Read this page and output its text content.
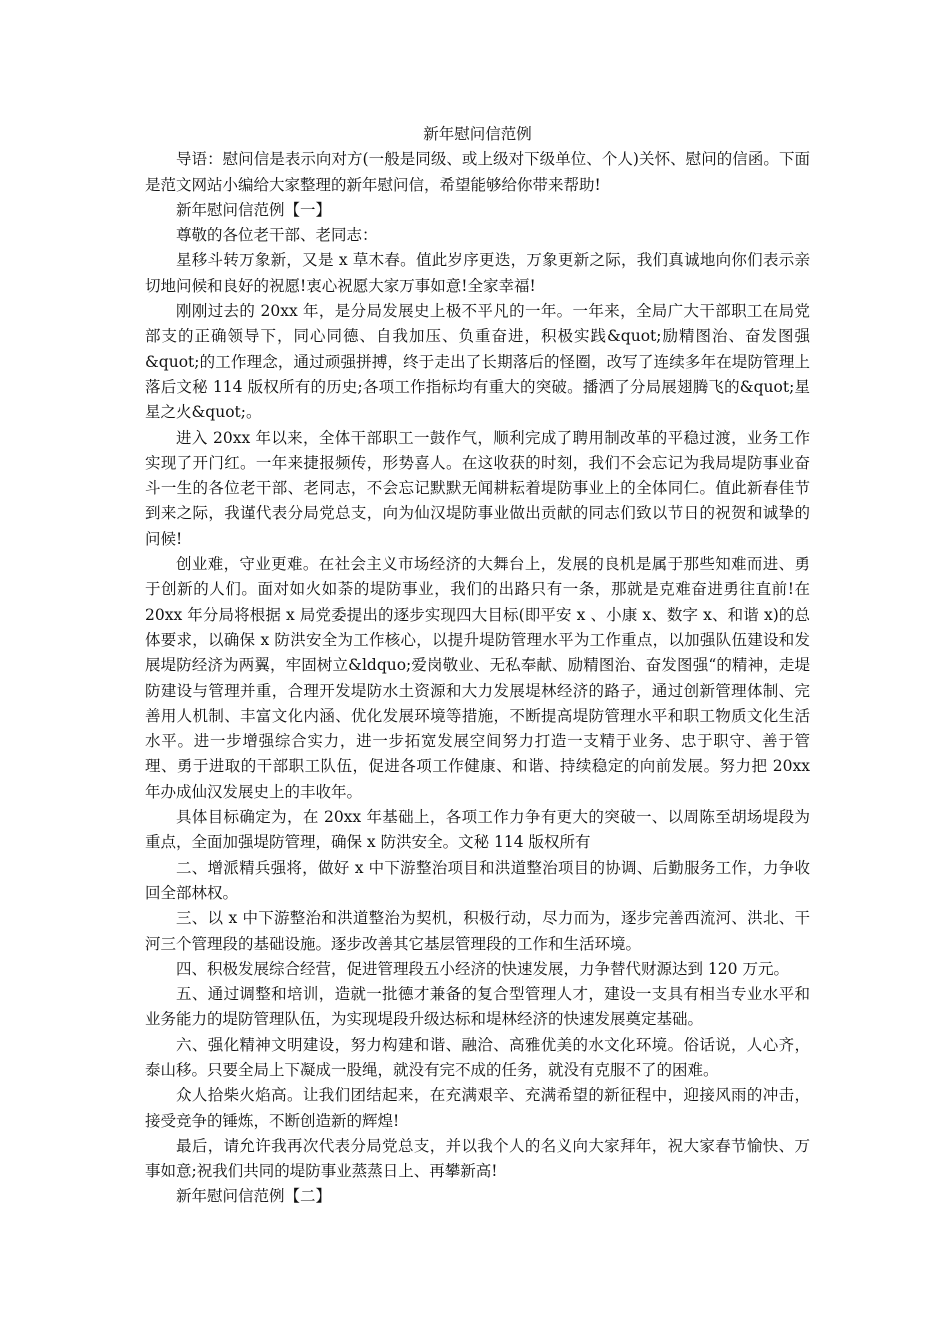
新年慰问信范例

导语：慰问信是表示向对方(一般是同级、或上级对下级单位、个人)关怀、慰问的信函。下面是范文网站小编给大家整理的新年慰问信，希望能够给你带来帮助!

新年慰问信范例【一】

尊敬的各位老干部、老同志：

星移斗转万象新，又是 x 草木春。值此岁序更迭，万象更新之际，我们真诚地向你们表示亲切地问候和良好的祝愿!衷心祝愿大家万事如意!全家幸福!

刚刚过去的 20xx 年，是分局发展史上极不平凡的一年。一年来，全局广大干部职工在局党部支的正确领导下，同心同德、自我加压、负重奋进，积极实践&quot;励精图治、奋发图强&quot;的工作理念，通过顽强拼搏，终于走出了长期落后的怪圈，改写了连续多年在堤防管理上落后文秘 114 版权所有的历史;各项工作指标均有重大的突破。播洒了分局展翅腾飞的&quot;星星之火&quot;。

进入 20xx 年以来，全体干部职工一鼓作气，顺利完成了聘用制改革的平稳过渡，业务工作实现了开门红。一年来捷报频传，形势喜人。在这收获的时刻，我们不会忘记为我局堤防事业奋斗一生的各位老干部、老同志，不会忘记默默无闻耕耘着堤防事业上的全体同仁。值此新春佳节到来之际，我谨代表分局党总支，向为仙汉堤防事业做出贡献的同志们致以节日的祝贺和诚挚的问候!

创业难，守业更难。在社会主义市场经济的大舞台上，发展的良机是属于那些知难而进、勇于创新的人们。面对如火如荼的堤防事业，我们的出路只有一条，那就是克难奋进勇往直前!在 20xx 年分局将根据 x 局党委提出的逐步实现四大目标(即平安 x 、小康 x、数字 x、和谐 x)的总体要求，以确保 x 防洪安全为工作核心，以提升堤防管理水平为工作重点，以加强队伍建设和发展堤防经济为两翼，牢固树立&ldquo;爱岗敬业、无私奉献、励精图治、奋发图强“的精神，走堤防建设与管理并重，合理开发堤防水土资源和大力发展堤林经济的路子，通过创新管理体制、完善用人机制、丰富文化内涵、优化发展环境等措施，不断提高堤防管理水平和职工物质文化生活水平。进一步增强综合实力，进一步拓宽发展空间努力打造一支精于业务、忠于职守、善于管理、勇于进取的干部职工队伍，促进各项工作健康、和谐、持续稳定的向前发展。努力把 20xx 年办成仙汉发展史上的丰收年。

具体目标确定为，在 20xx 年基础上，各项工作力争有更大的突破一、以周陈至胡场堤段为重点，全面加强堤防管理，确保 x 防洪安全。文秘 114 版权所有

二、增派精兵强将，做好 x 中下游整治项目和洪道整治项目的协调、后勤服务工作，力争收回全部林权。

三、以 x 中下游整治和洪道整治为契机，积极行动，尽力而为，逐步完善西流河、洪北、干河三个管理段的基础设施。逐步改善其它基层管理段的工作和生活环境。

四、积极发展综合经营，促进管理段五小经济的快速发展，力争替代财源达到 120 万元。

五、通过调整和培训，造就一批德才兼备的复合型管理人才，建设一支具有相当专业水平和业务能力的堤防管理队伍，为实现堤段升级达标和堤林经济的快速发展奠定基础。

六、强化精神文明建设，努力构建和谐、融洽、高雅优美的水文化环境。俗话说，人心齐，泰山移。只要全局上下凝成一股绳，就没有完不成的任务，就没有克服不了的困难。

众人拾柴火焰高。让我们团结起来，在充满艰辛、充满希望的新征程中，迎接风雨的冲击，接受竞争的锤炼，不断创造新的辉煌!

最后，请允许我再次代表分局党总支，并以我个人的名义向大家拜年，祝大家春节愉快、万事如意;祝我们共同的堤防事业蒸蒸日上、再攀新高!

新年慰问信范例【二】
